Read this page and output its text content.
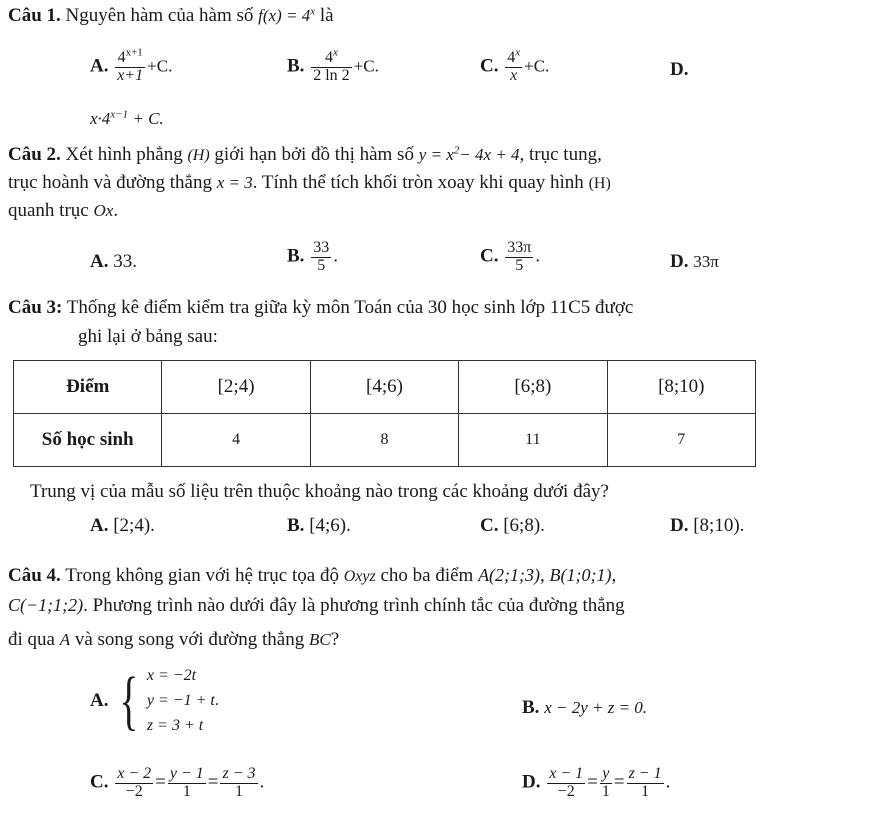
Câu 1. Nguyên hàm của hàm số $f(x) = 4^x$ là
A. $\frac{4^{x+1}}{x+1} +C$.	B. $\frac{4^x}{2 \ln 2} +C$.	C. $\frac{4^x}{x} +C$.	D.
$x\cdot 4^{x-1} + C$.
Câu 2. Xét hình phẳng (H) giới hạn bởi đồ thị hàm số $y = x^2- 4x + 4$, trục tung,
trục hoành và đường thẳng x = 3. Tính thể tích khối tròn xoay khi quay hình (H)
quanh trục Ox.
A. 33.	B. $\frac{33}{5}$ .	C. $\frac{33\pi}{5}$ .	D. 33π
Câu 3: Thống kê điểm kiểm tra giữa kỳ môn Toán của 30 học sinh lớp 11C5 được
ghi lại ở bảng sau:
Điểm	[2;4)	[4;6)	[6;8)	[8;10)
Số học sinh	4	8	11	7
Trung vị của mẫu số liệu trên thuộc khoảng nào trong các khoảng dưới đây?
A. [2;4).	B. [4;6).	C. [6;8).	D. [8;10).
Câu 4. Trong không gian với hệ trục tọa độ Oxyz cho ba điểm A(2;1;3), B(1;0;1),
C(−1;1;2). Phương trình nào dưới đây là phương trình chính tắc của đường thẳng
đi qua A và song song với đường thẳng BC?
A. { x = −2t
y = −1 + t.
z = 3 + t
B. x − 2y + z = 0.
C. $\frac{x - 2}{-2} = \frac{y - 1}{1} = \frac{z - 3}{1}$ .	D. $\frac{x - 1}{-2} = \frac{y}{1} = \frac{z - 1}{1}$ .
